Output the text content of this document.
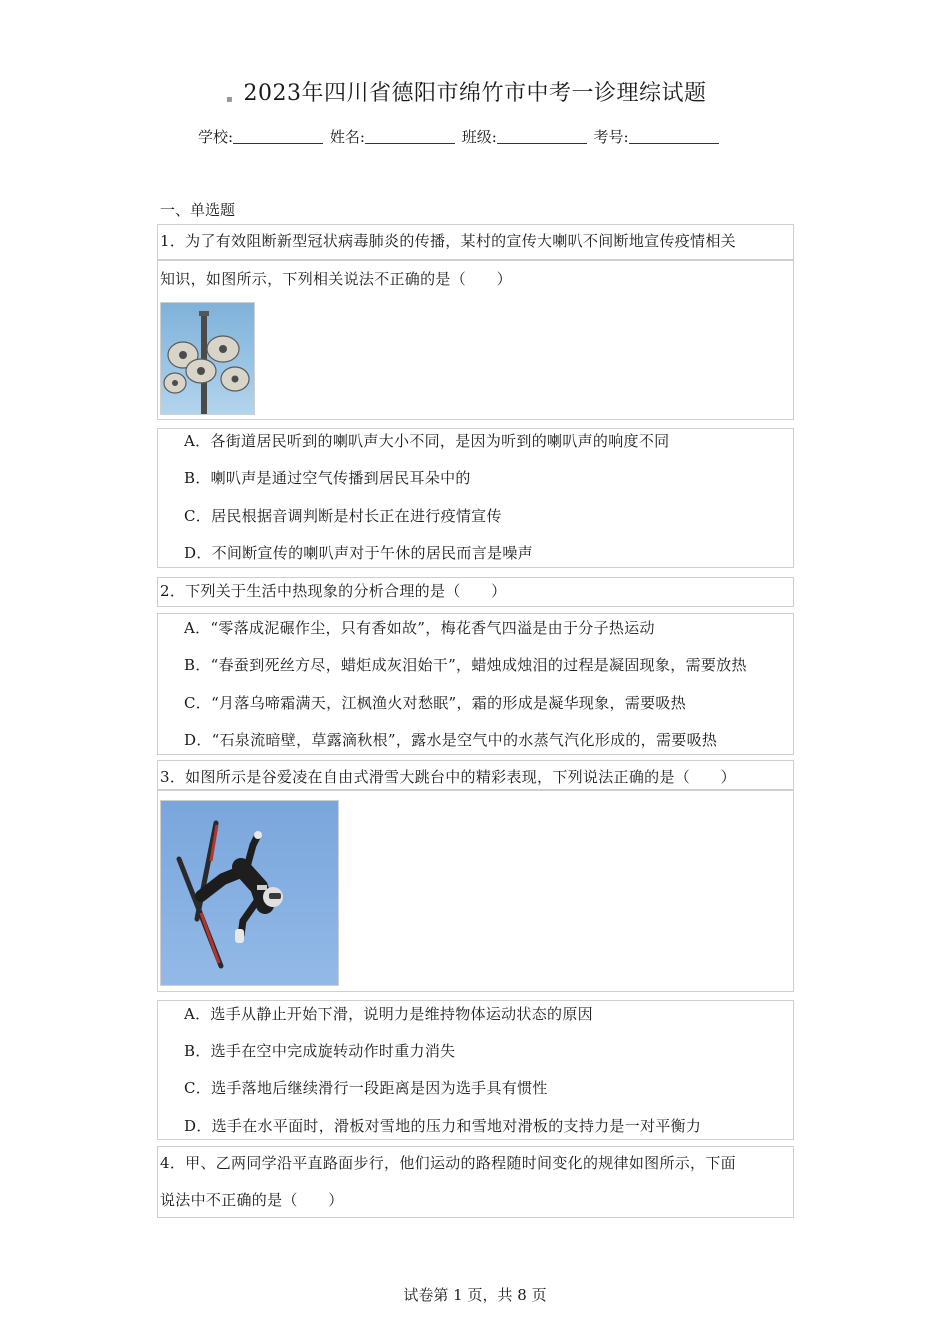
▪ 2023年四川省德阳市绵竹市中考一诊理综试题
学校:	姓名:	班级:	考号:
一、单选题
1．为了有效阻断新型冠状病毒肺炎的传播，某村的宣传大喇叭不间断地宣传疫情相关
知识，如图所示，下列相关说法不正确的是（　　）
A．各街道居民听到的喇叭声大小不同，是因为听到的喇叭声的响度不同
B．喇叭声是通过空气传播到居民耳朵中的
C．居民根据音调判断是村长正在进行疫情宣传
D．不间断宣传的喇叭声对于午休的居民而言是噪声
2．下列关于生活中热现象的分析合理的是（　　）
A．“零落成泥碾作尘，只有香如故”，梅花香气四溢是由于分子热运动
B．“春蚕到死丝方尽，蜡炬成灰泪始干”，蜡烛成烛泪的过程是凝固现象，需要放热
C．“月落乌啼霜满天，江枫渔火对愁眠”，霜的形成是凝华现象，需要吸热
D．“石泉流暗壁，草露滴秋根”，露水是空气中的水蒸气汽化形成的，需要吸热
3．如图所示是谷爱凌在自由式滑雪大跳台中的精彩表现，下列说法正确的是（　　）
A．选手从静止开始下滑，说明力是维持物体运动状态的原因
B．选手在空中完成旋转动作时重力消失
C．选手落地后继续滑行一段距离是因为选手具有惯性
D．选手在水平面时，滑板对雪地的压力和雪地对滑板的支持力是一对平衡力
4．甲、乙两同学沿平直路面步行，他们运动的路程随时间变化的规律如图所示，下面
说法中不正确的是（　　）
试卷第 1 页，共 8 页
